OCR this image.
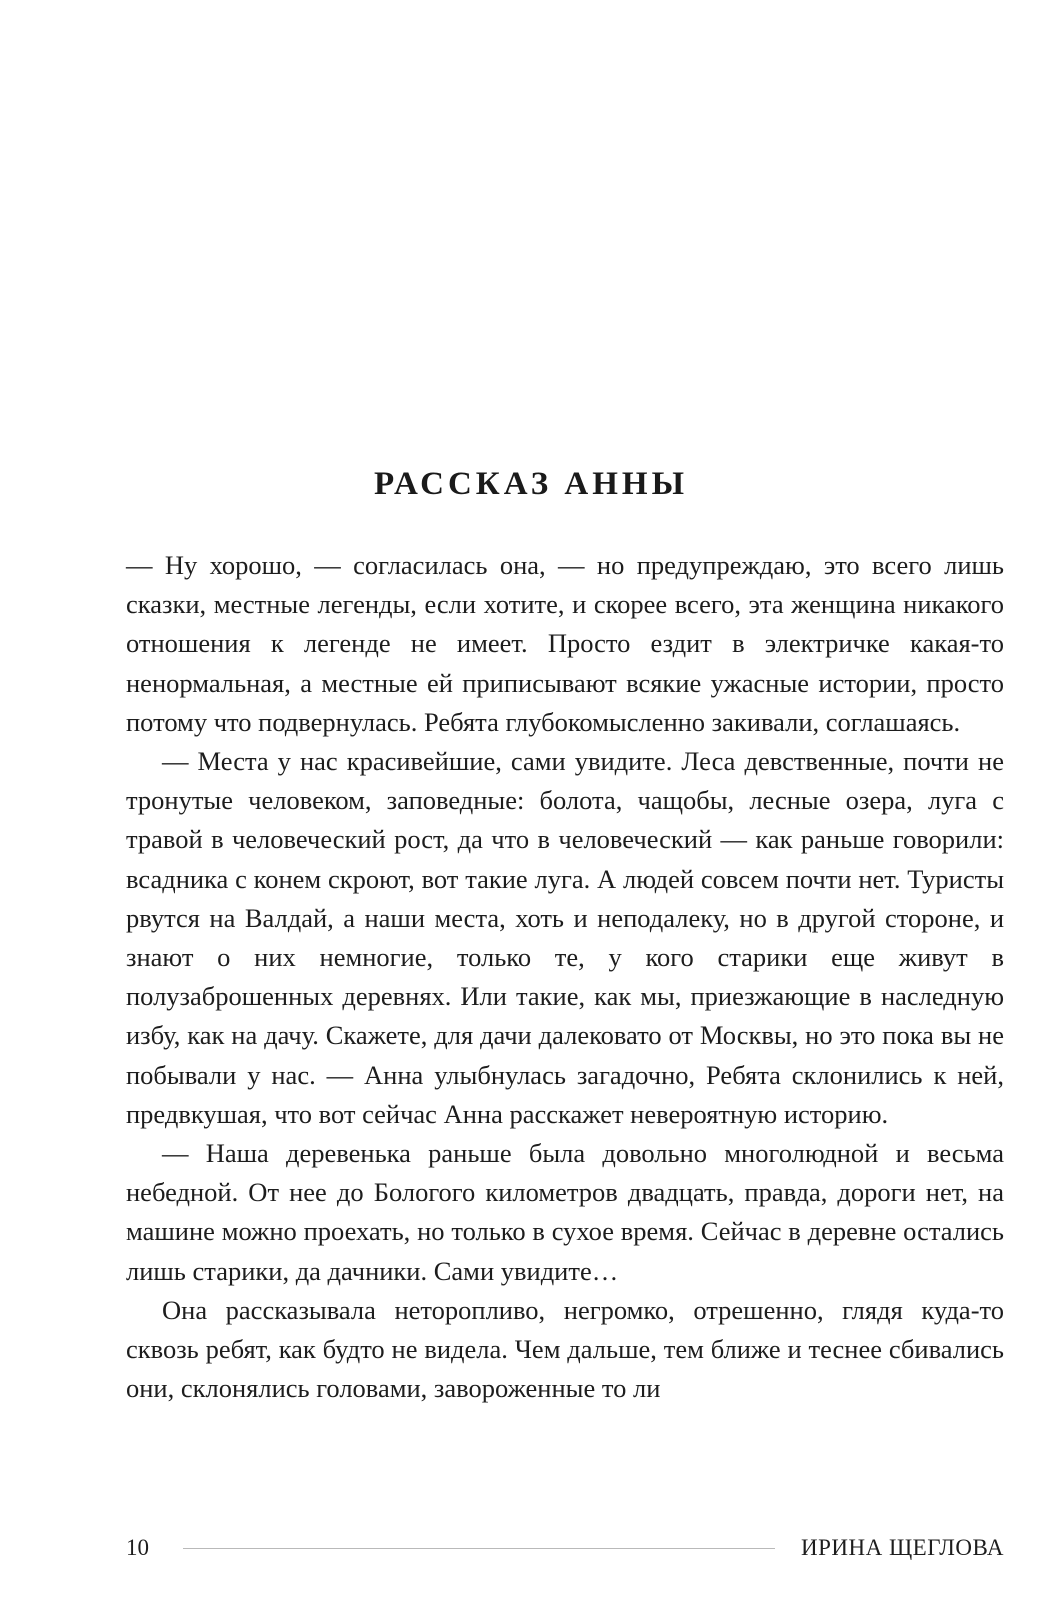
РАССКАЗ АННЫ

— Ну хорошо, — согласилась она, — но предупреждаю, это всего лишь сказки, местные легенды, если хотите, и скорее всего, эта женщина никакого отношения к легенде не имеет. Просто ездит в электричке какая-то ненормальная, а местные ей приписывают всякие ужасные истории, просто потому что подвернулась. Ребята глубокомысленно закивали, соглашаясь.

— Места у нас красивейшие, сами увидите. Леса девственные, почти не тронутые человеком, заповедные: болота, чащобы, лесные озера, луга с травой в человеческий рост, да что в человеческий — как раньше говорили: всадника с конем скроют, вот такие луга. А людей совсем почти нет. Туристы рвутся на Валдай, а наши места, хоть и неподалеку, но в другой стороне, и знают о них немногие, только те, у кого старики еще живут в полузаброшенных деревнях. Или такие, как мы, приезжающие в наследную избу, как на дачу. Скажете, для дачи далековато от Москвы, но это пока вы не побывали у нас. — Анна улыбнулась загадочно, Ребята склонились к ней, предвкушая, что вот сейчас Анна расскажет невероятную историю.

— Наша деревенька раньше была довольно многолюдной и весьма небедной. От нее до Бологого километров двадцать, правда, дороги нет, на машине можно проехать, но только в сухое время. Сейчас в деревне остались лишь старики, да дачники. Сами увидите…

Она рассказывала неторопливо, негромко, отрешенно, глядя куда-то сквозь ребят, как будто не видела. Чем дальше, тем ближе и теснее сбивались они, склонялись головами, завороженные то ли

10	ИРИНА ЩЕГЛОВА
